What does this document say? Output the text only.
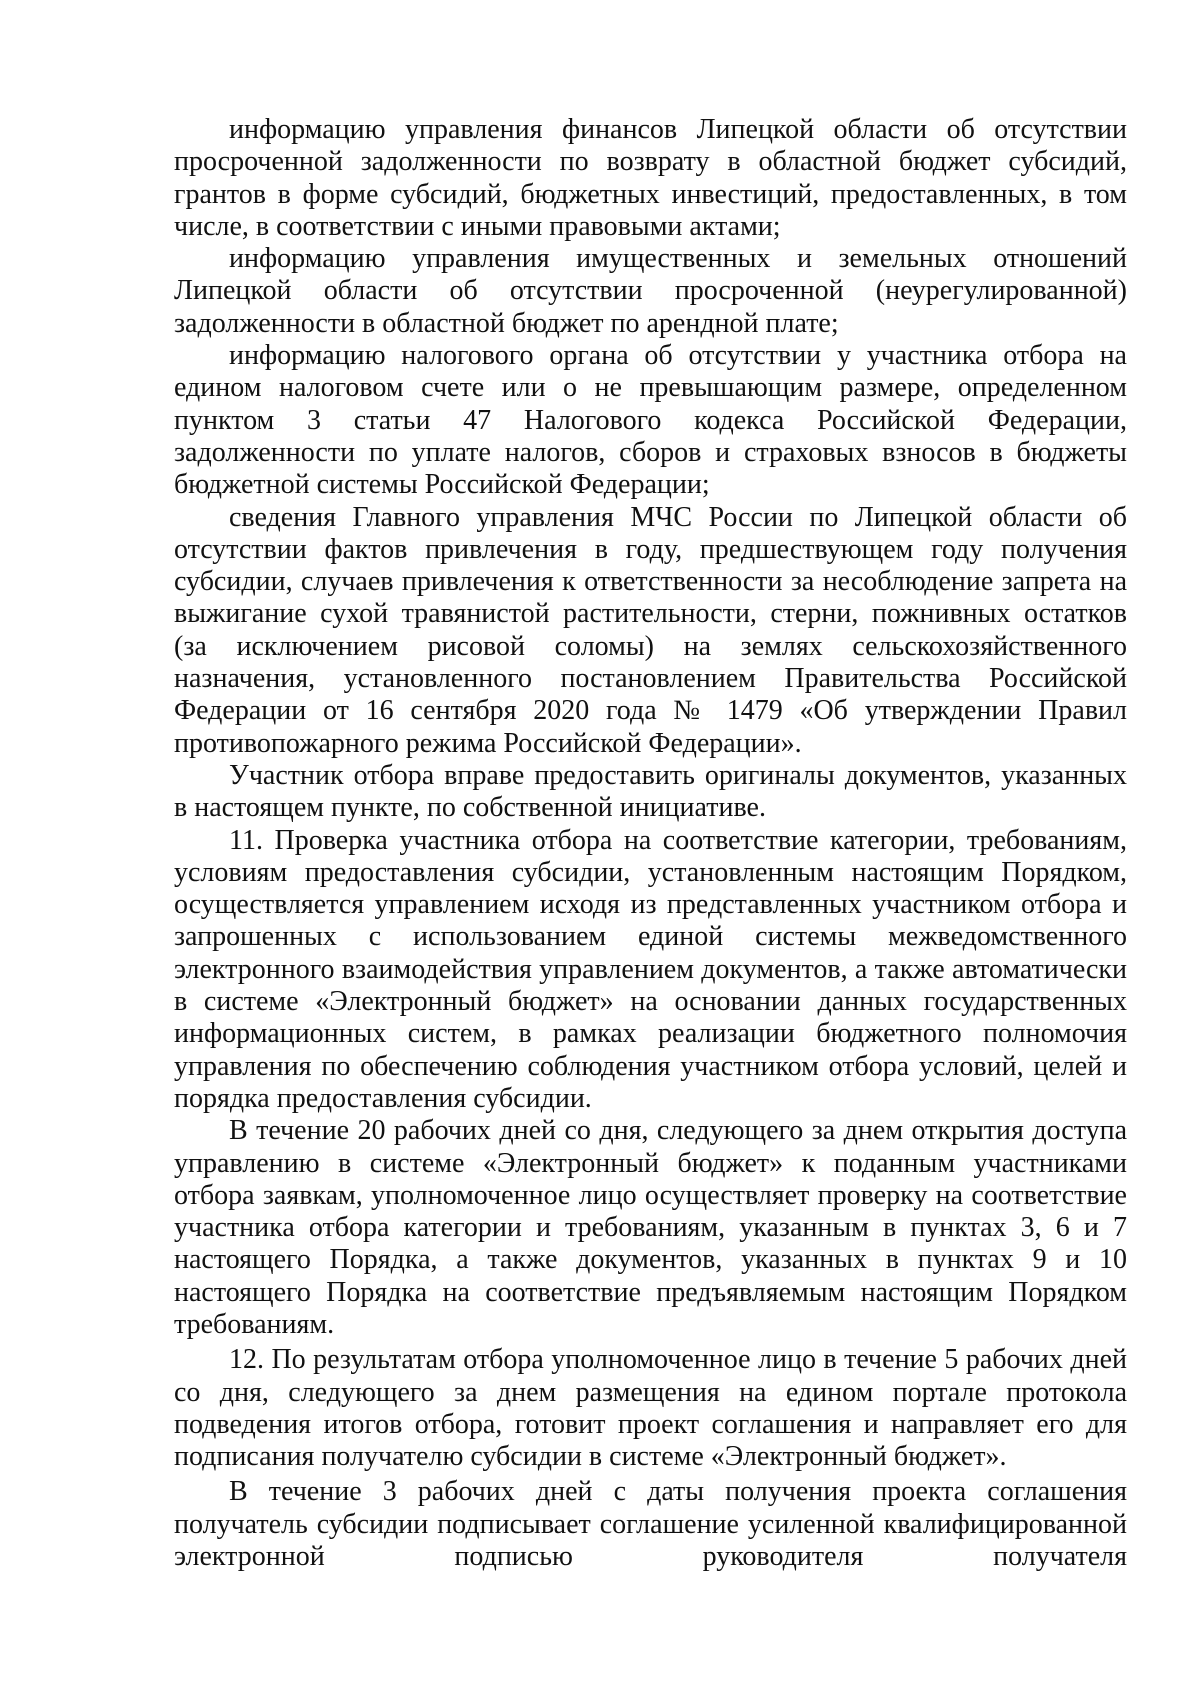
информацию управления финансов Липецкой области об отсутствии просроченной задолженности по возврату в областной бюджет субсидий, грантов в форме субсидий, бюджетных инвестиций, предоставленных, в том числе, в соответствии с иными правовыми актами;

информацию управления имущественных и земельных отношений Липецкой области об отсутствии просроченной (неурегулированной) задолженности в областной бюджет по арендной плате;

информацию налогового органа об отсутствии у участника отбора на едином налоговом счете или о не превышающим размере, определенном пунктом 3 статьи 47 Налогового кодекса Российской Федерации, задолженности по уплате налогов, сборов и страховых взносов в бюджеты бюджетной системы Российской Федерации;

сведения Главного управления МЧС России по Липецкой области об отсутствии фактов привлечения в году, предшествующем году получения субсидии, случаев привлечения к ответственности за несоблюдение запрета на выжигание сухой травянистой растительности, стерни, пожнивных остатков (за исключением рисовой соломы) на землях сельскохозяйственного назначения, установленного постановлением Правительства Российской Федерации от 16 сентября 2020 года № 1479 «Об утверждении Правил противопожарного режима Российской Федерации».

Участник отбора вправе предоставить оригиналы документов, указанных в настоящем пункте, по собственной инициативе.

11. Проверка участника отбора на соответствие категории, требованиям, условиям предоставления субсидии, установленным настоящим Порядком, осуществляется управлением исходя из представленных участником отбора и запрошенных с использованием единой системы межведомственного электронного взаимодействия управлением документов, а также автоматически в системе «Электронный бюджет» на основании данных государственных информационных систем, в рамках реализации бюджетного полномочия управления по обеспечению соблюдения участником отбора условий, целей и порядка предоставления субсидии.

В течение 20 рабочих дней со дня, следующего за днем открытия доступа управлению в системе «Электронный бюджет» к поданным участниками отбора заявкам, уполномоченное лицо осуществляет проверку на соответствие участника отбора категории и требованиям, указанным в пунктах 3, 6 и 7 настоящего Порядка, а также документов, указанных в пунктах 9 и 10 настоящего Порядка на соответствие предъявляемым настоящим Порядком требованиям.

12. По результатам отбора уполномоченное лицо в течение 5 рабочих дней со дня, следующего за днем размещения на едином портале протокола подведения итогов отбора, готовит проект соглашения и направляет его для подписания получателю субсидии в системе «Электронный бюджет».

В течение 3 рабочих дней с даты получения проекта соглашения получатель субсидии подписывает соглашение усиленной квалифицированной электронной подписью руководителя получателя
